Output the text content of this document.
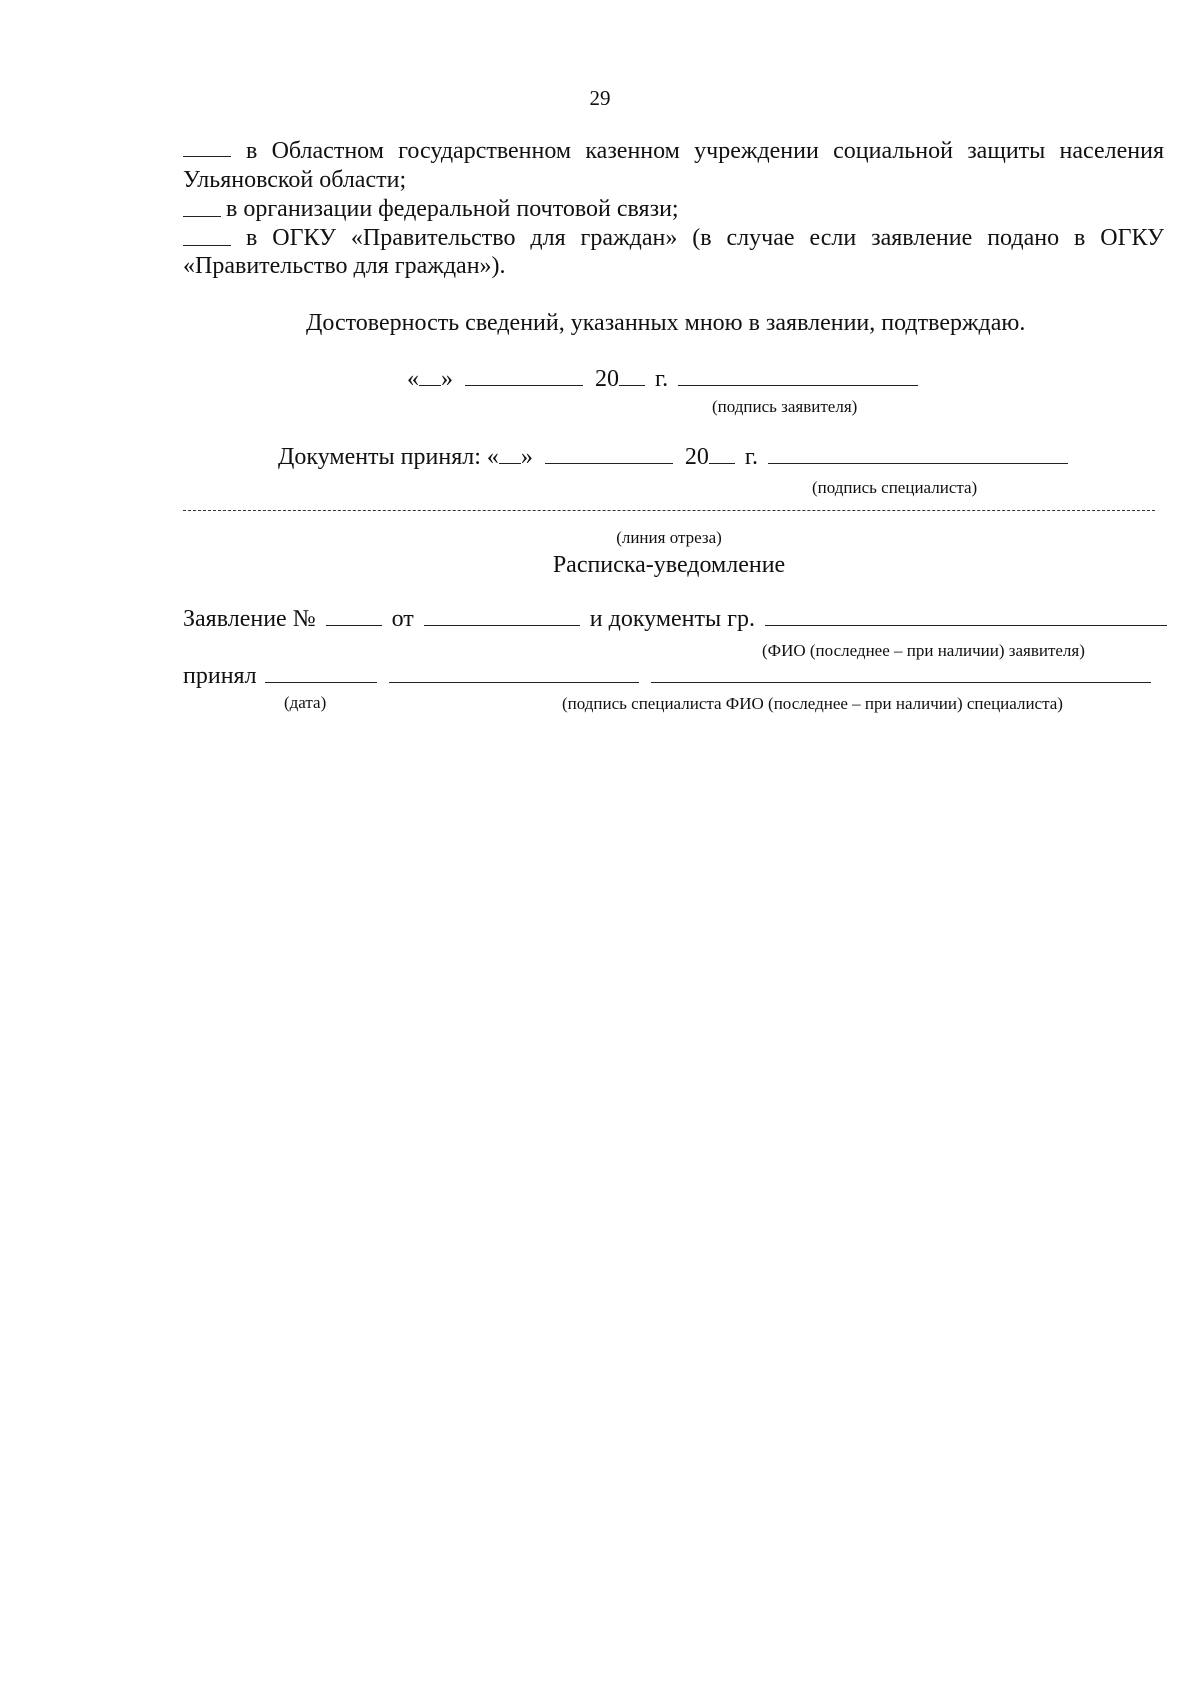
29
в Областном государственном казенном учреждении социальной защиты населения
Ульяновской области;
в организации федеральной почтовой связи;
в ОГКУ «Правительство для граждан» (в случае если заявление подано в ОГКУ
«Правительство для граждан»).
Достоверность сведений, указанных мною в заявлении, подтверждаю.
« »	20 г.
(подпись заявителя)
Документы принял: « »	20 г.
(подпись специалиста)
(линия отреза)
Расписка-уведомление
Заявление №	от	и документы гр.
(ФИО (последнее – при наличии) заявителя)
принял
(дата)	(подпись специалиста ФИО (последнее – при наличии) специалиста)
